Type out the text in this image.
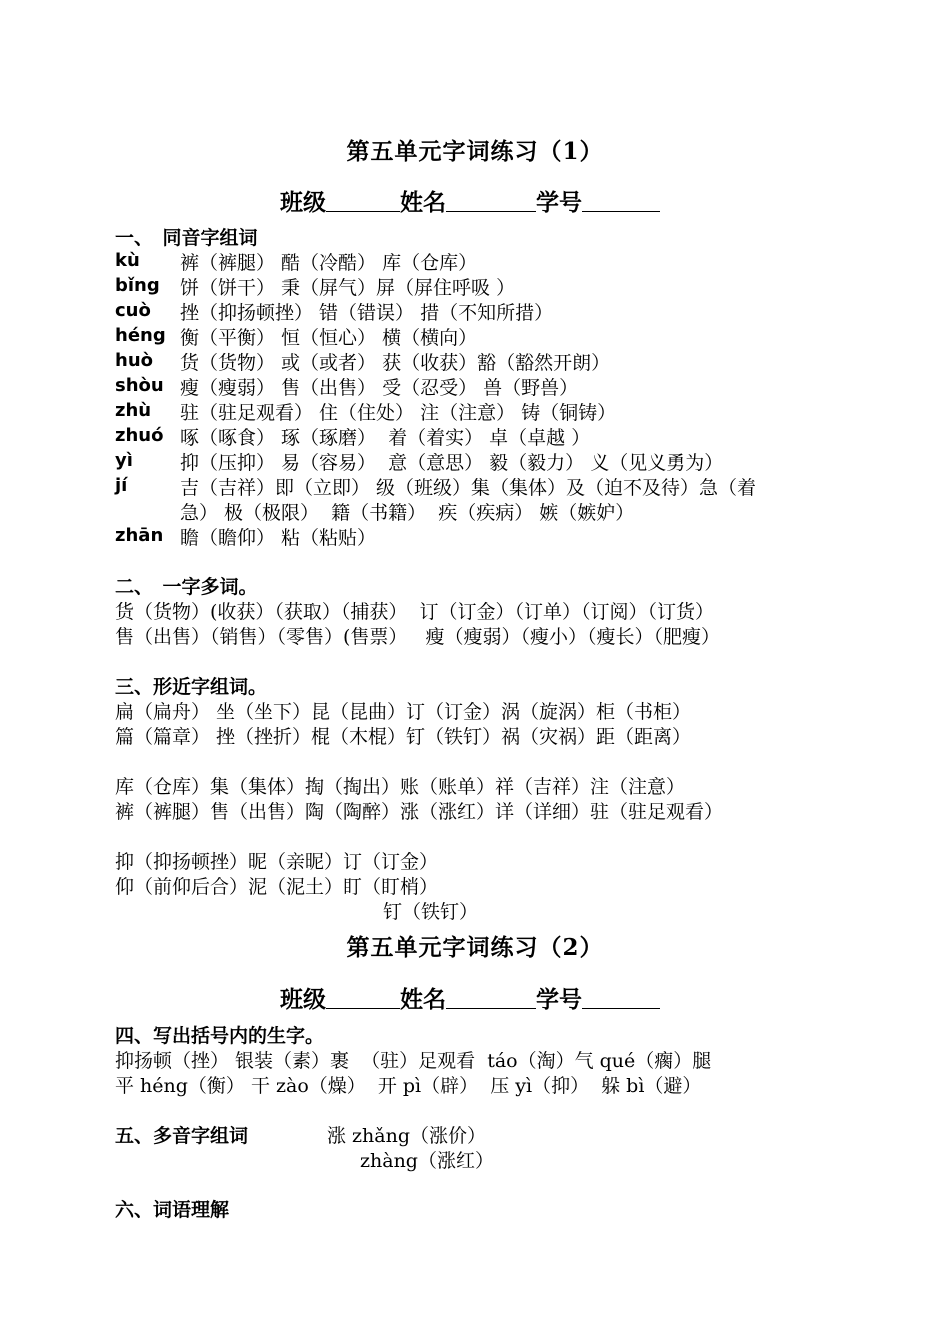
第五单元字词练习（1）
班级	姓名	学号
一、　同音字组词
kù 裤（裤腿） 酷（冷酷） 库（仓库）
bǐng 饼（饼干） 秉（屏气）屏（屏住呼吸 ）
cuò 挫（抑扬顿挫） 错（错误） 措（不知所措）
héng 衡（平衡） 恒（恒心） 横（横向）
huò 货（货物） 或（或者） 获（收获）豁（豁然开朗）
shòu 瘦（瘦弱） 售（出售） 受（忍受） 兽（野兽）
zhù 驻（驻足观看） 住（住处） 注（注意） 铸（铜铸）
zhuó 啄（啄食） 琢（琢磨）  着（着实） 卓（卓越 ）
yì 抑（压抑） 易（容易）  意（意思） 毅（毅力） 义（见义勇为）
jí	吉（吉祥）即（立即） 级（班级）集（集体）及（迫不及待）急（着
急） 极（极限）  籍（书籍）  疾（疾病） 嫉（嫉妒）
zhān 瞻（瞻仰） 粘（粘贴）
二、　一字多词。
货（货物）(收获）（获取）（捕获）  订（订金）（订单）（订阅）（订货）
售（出售）（销售）（零售）(售票）   瘦（瘦弱）（瘦小）（瘦长）（肥瘦）
三、形近字组词。
扁（扁舟） 坐（坐下）昆（昆曲）订（订金）涡（旋涡）柜（书柜）
篇（篇章） 挫（挫折）棍（木棍）钉（铁钉）祸（灾祸）距（距离）
库（仓库）集（集体）掏（掏出）账（账单）祥（吉祥）注（注意）
裤（裤腿）售（出售）陶（陶醉）涨（涨红）详（详细）驻（驻足观看）
抑（抑扬顿挫）昵（亲昵）订（订金）
仰（前仰后合）泥（泥土）盯（盯梢）
钉（铁钉）
第五单元字词练习（2）
班级	姓名	学号
四、写出括号内的生字。
抑扬顿（挫） 银装（素）裹  （驻）足观看  táo（淘）气 qué（瘸）腿
平 héng（衡） 干 zào（燥）  开 pì（辟）  压 yì（抑）  躲 bì（避）
五、多音字组词	涨 zhǎng（涨价）
zhàng（涨红）
六、词语理解
